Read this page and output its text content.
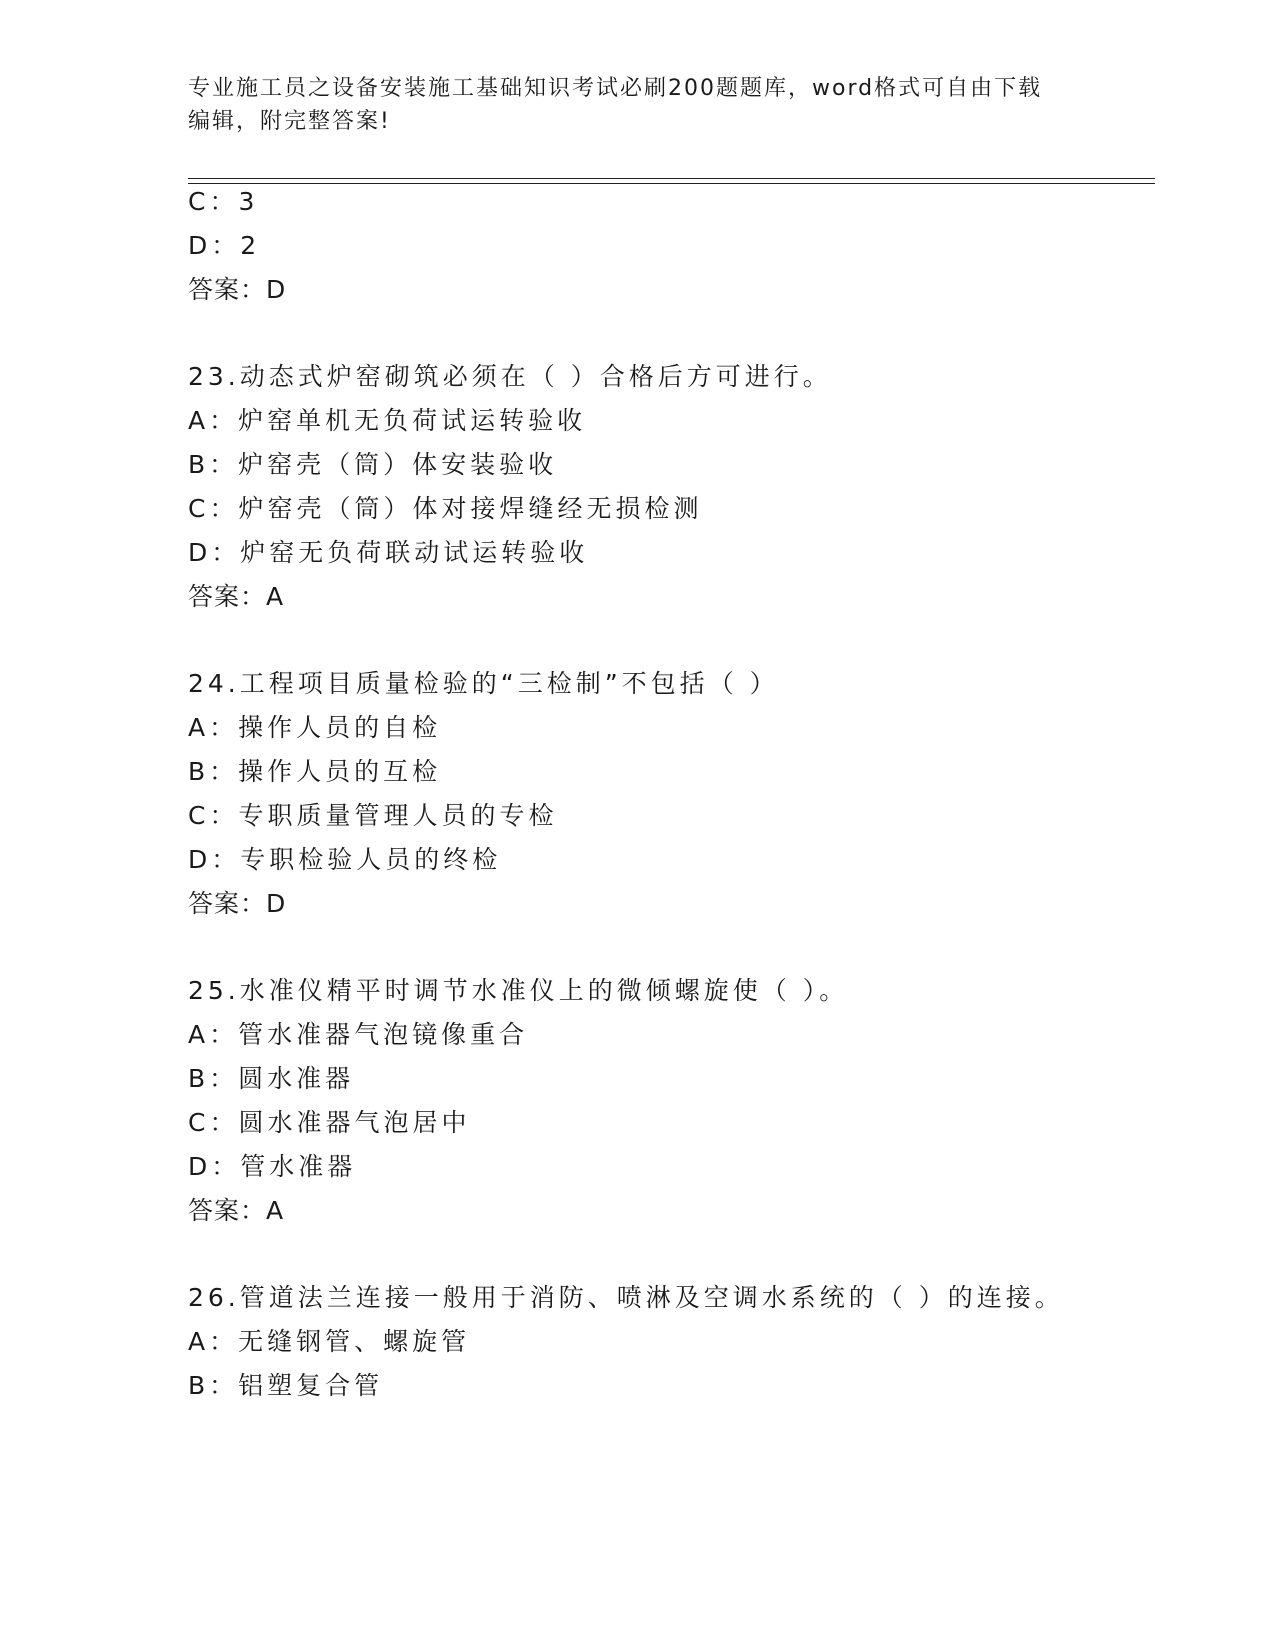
专业施工员之设备安装施工基础知识考试必刷200题题库，word格式可自由下载
编辑，附完整答案!
C：3
D：2
答案：D
23.动态式炉窑砌筑必须在（ ）合格后方可进行。
A：炉窑单机无负荷试运转验收
B：炉窑壳（筒）体安装验收
C：炉窑壳（筒）体对接焊缝经无损检测
D：炉窑无负荷联动试运转验收
答案：A
24.工程项目质量检验的“三检制”不包括（ ）
A：操作人员的自检
B：操作人员的互检
C：专职质量管理人员的专检
D：专职检验人员的终检
答案：D
25.水准仪精平时调节水准仪上的微倾螺旋使（ ）。
A：管水准器气泡镜像重合
B：圆水准器
C：圆水准器气泡居中
D：管水准器
答案：A
26.管道法兰连接一般用于消防、喷淋及空调水系统的（ ）的连接。
A：无缝钢管、螺旋管
B：铝塑复合管
